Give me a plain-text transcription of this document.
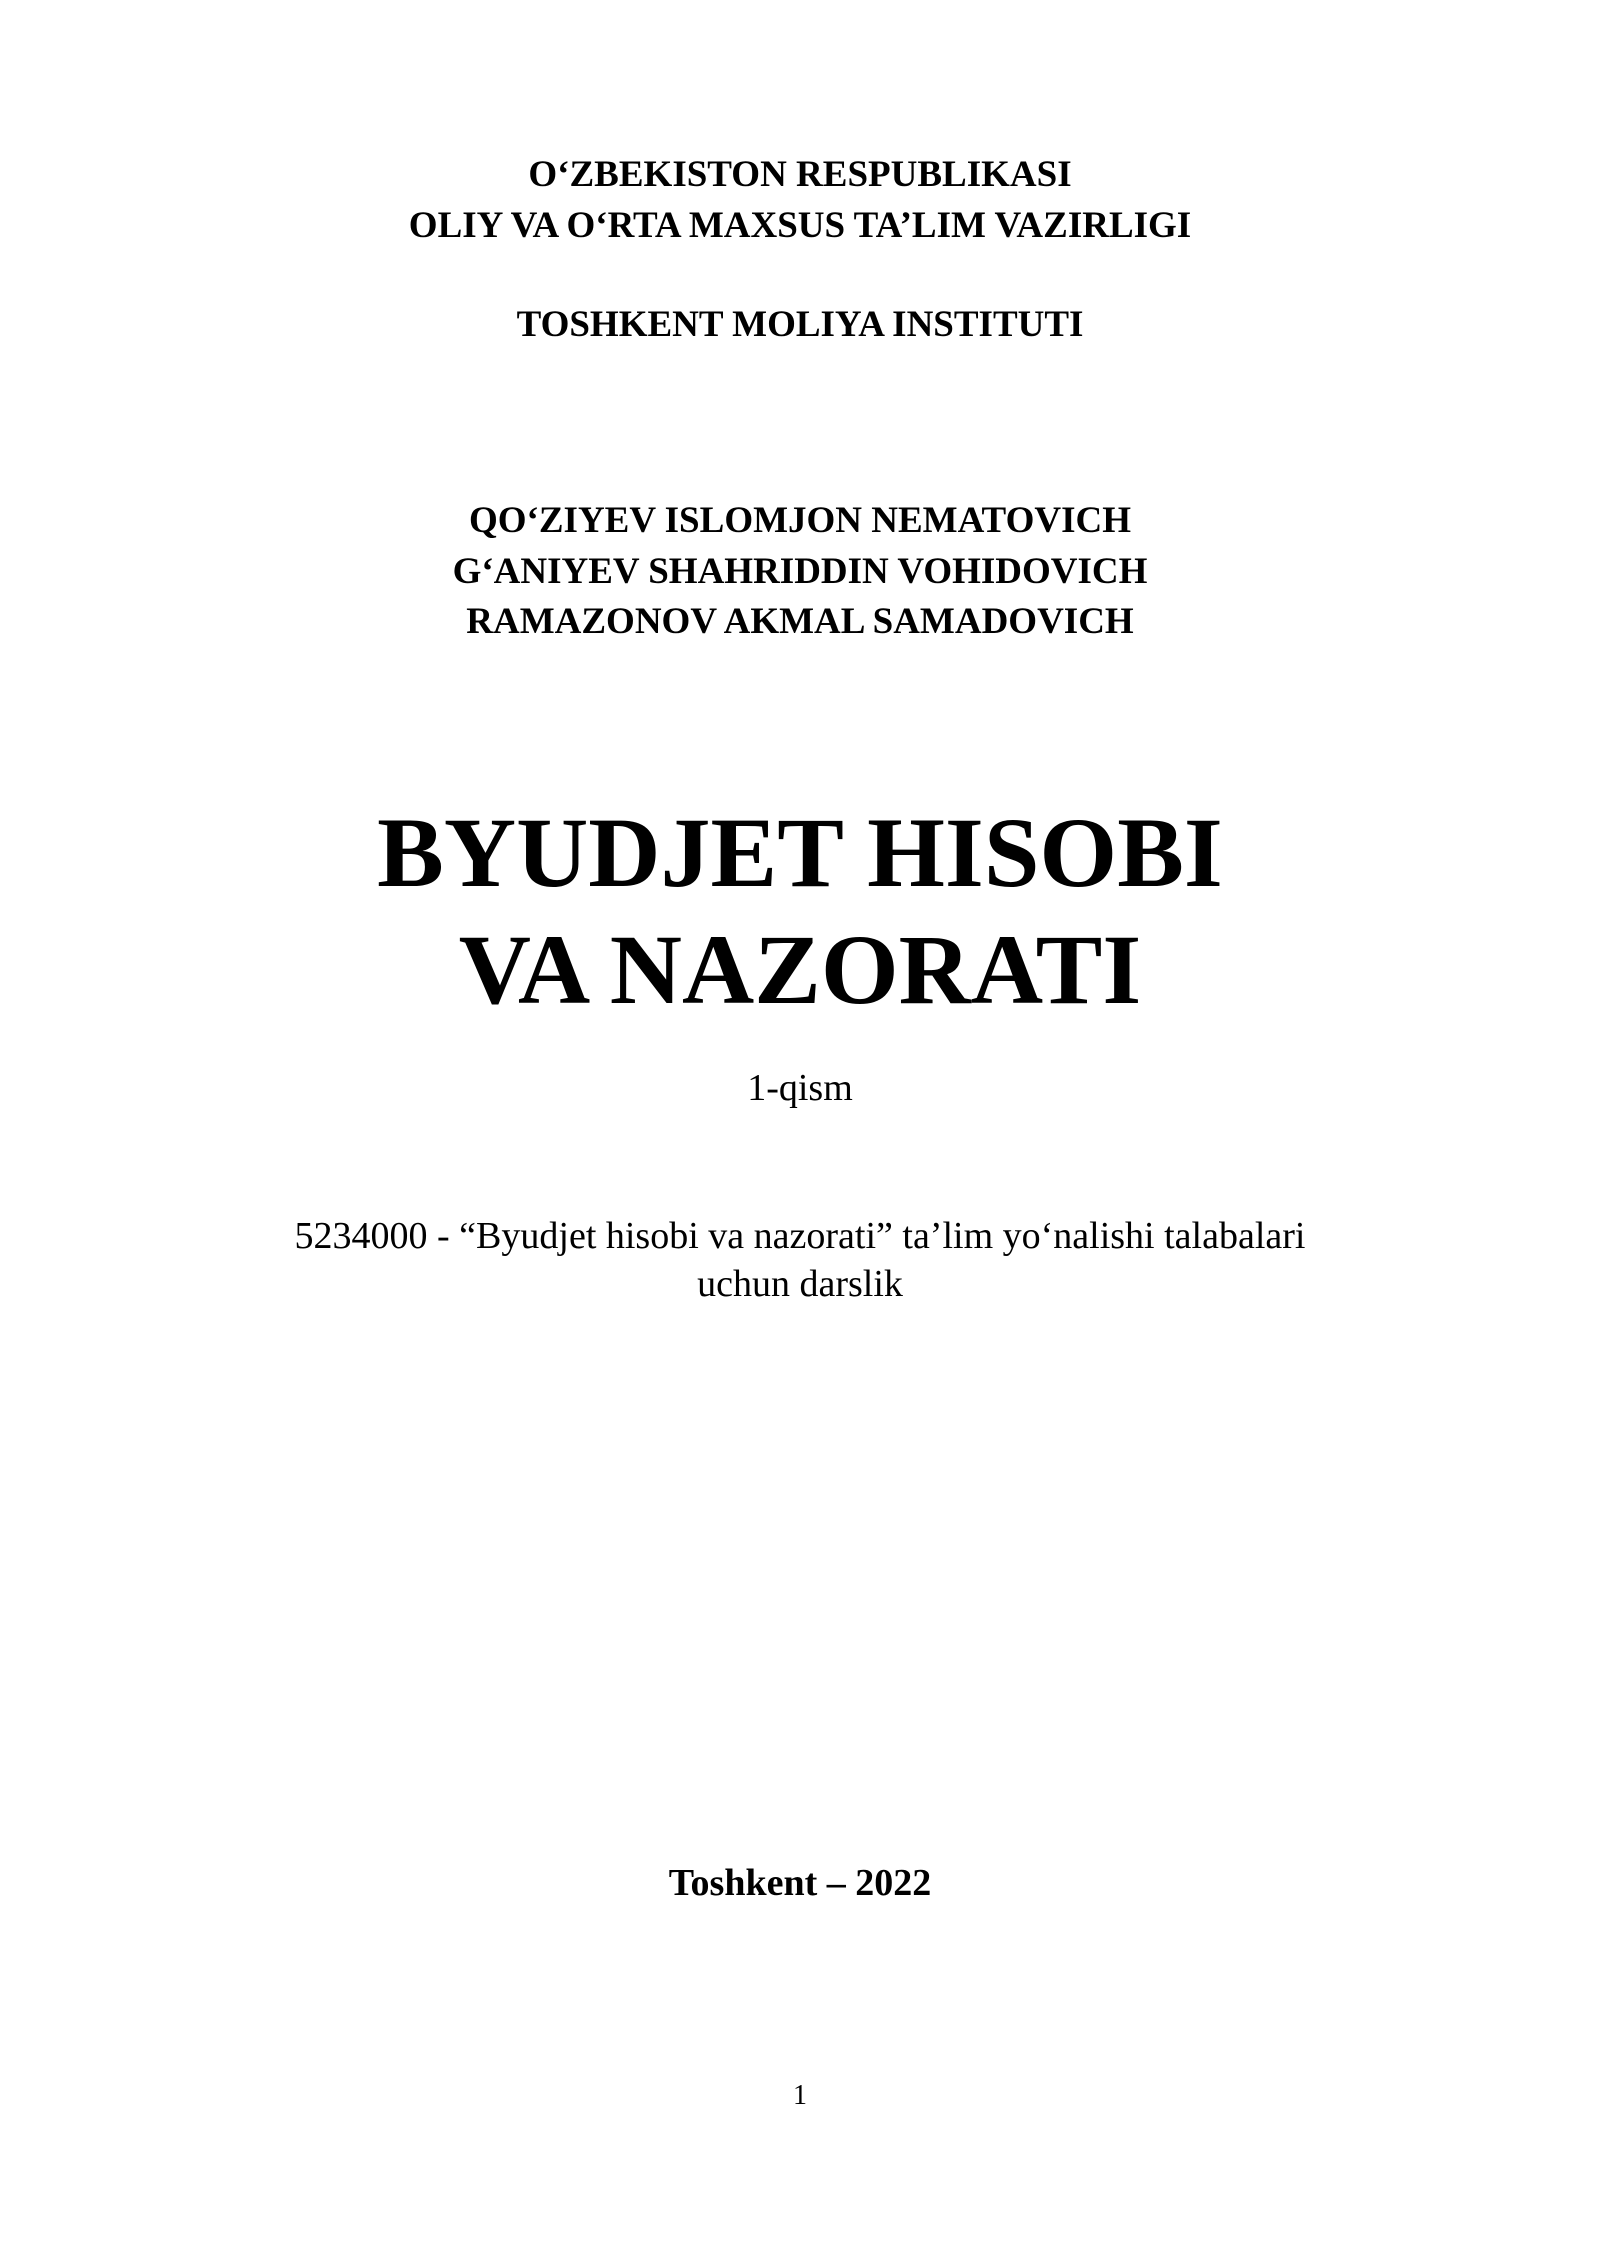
O‘ZBEKISTON RESPUBLIKASI

OLIY VA O‘RTA MAXSUS TA’LIM VAZIRLIGI

TOSHKENT MOLIYA INSTITUTI

QO‘ZIYEV ISLOMJON NEMATOVICH

G‘ANIYEV SHAHRIDDIN VOHIDOVICH

RAMAZONOV AKMAL SAMADOVICH

BYUDJET HISOBI

VA NAZORATI

1-qism

5234000 - “Byudjet hisobi va nazorati” ta’lim yo‘nalishi talabalari

uchun darslik

Toshkent – 2022

1
